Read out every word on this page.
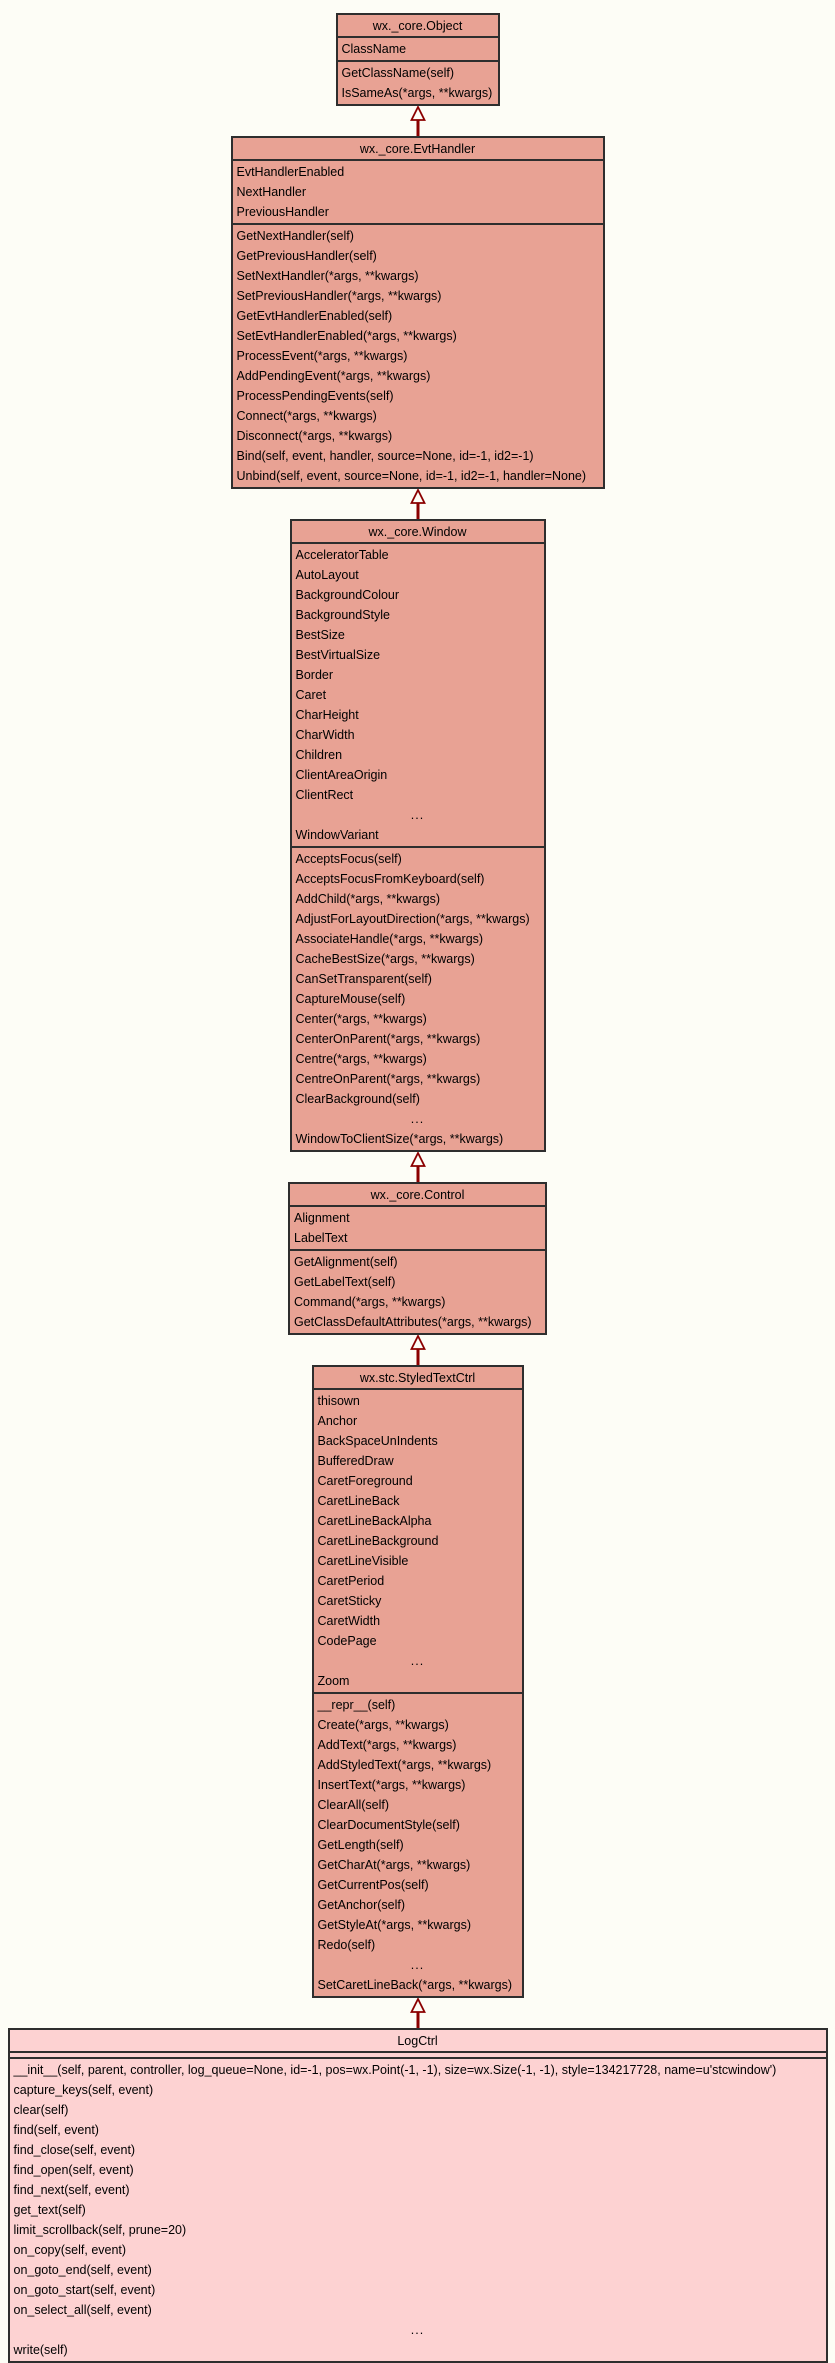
wx._core.Object
ClassName
GetClassName(self)
IsSameAs(*args, **kwargs)
wx._core.EvtHandler
EvtHandlerEnabled
NextHandler
PreviousHandler
GetNextHandler(self)
GetPreviousHandler(self)
SetNextHandler(*args, **kwargs)
SetPreviousHandler(*args, **kwargs)
GetEvtHandlerEnabled(self)
SetEvtHandlerEnabled(*args, **kwargs)
ProcessEvent(*args, **kwargs)
AddPendingEvent(*args, **kwargs)
ProcessPendingEvents(self)
Connect(*args, **kwargs)
Disconnect(*args, **kwargs)
Bind(self, event, handler, source=None, id=-1, id2=-1)
Unbind(self, event, source=None, id=-1, id2=-1, handler=None)
wx._core.Window
AcceleratorTable
AutoLayout
BackgroundColour
BackgroundStyle
BestSize
BestVirtualSize
Border
Caret
CharHeight
CharWidth
Children
ClientAreaOrigin
ClientRect
...
WindowVariant
AcceptsFocus(self)
AcceptsFocusFromKeyboard(self)
AddChild(*args, **kwargs)
AdjustForLayoutDirection(*args, **kwargs)
AssociateHandle(*args, **kwargs)
CacheBestSize(*args, **kwargs)
CanSetTransparent(self)
CaptureMouse(self)
Center(*args, **kwargs)
CenterOnParent(*args, **kwargs)
Centre(*args, **kwargs)
CentreOnParent(*args, **kwargs)
ClearBackground(self)
...
WindowToClientSize(*args, **kwargs)
wx._core.Control
Alignment
LabelText
GetAlignment(self)
GetLabelText(self)
Command(*args, **kwargs)
GetClassDefaultAttributes(*args, **kwargs)
wx.stc.StyledTextCtrl
thisown
Anchor
BackSpaceUnIndents
BufferedDraw
CaretForeground
CaretLineBack
CaretLineBackAlpha
CaretLineBackground
CaretLineVisible
CaretPeriod
CaretSticky
CaretWidth
CodePage
...
Zoom
__repr__(self)
Create(*args, **kwargs)
AddText(*args, **kwargs)
AddStyledText(*args, **kwargs)
InsertText(*args, **kwargs)
ClearAll(self)
ClearDocumentStyle(self)
GetLength(self)
GetCharAt(*args, **kwargs)
GetCurrentPos(self)
GetAnchor(self)
GetStyleAt(*args, **kwargs)
Redo(self)
...
SetCaretLineBack(*args, **kwargs)
LogCtrl
__init__(self, parent, controller, log_queue=None, id=-1, pos=wx.Point(-1, -1), size=wx.Size(-1, -1), style=134217728, name=u'stcwindow')
capture_keys(self, event)
clear(self)
find(self, event)
find_close(self, event)
find_open(self, event)
find_next(self, event)
get_text(self)
limit_scrollback(self, prune=20)
on_copy(self, event)
on_goto_end(self, event)
on_goto_start(self, event)
on_select_all(self, event)
...
write(self)
